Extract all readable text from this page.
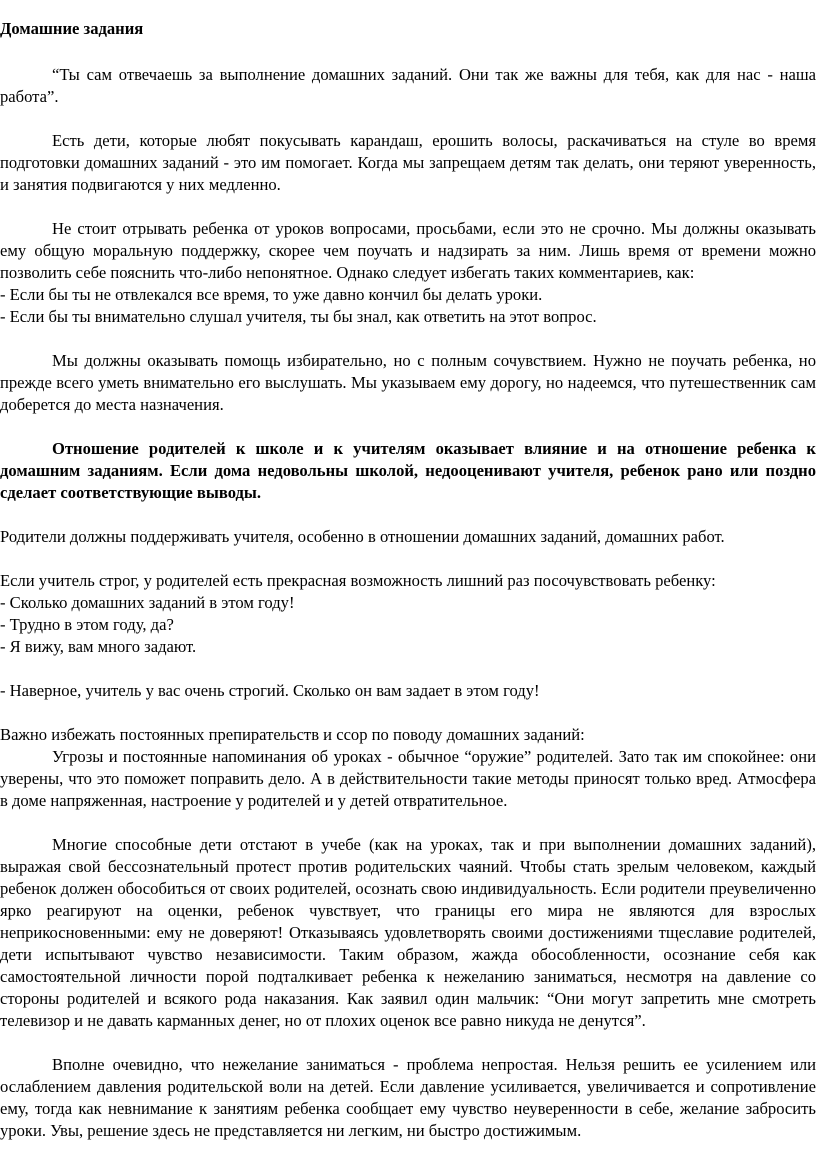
Домашние задания

“Ты сам отвечаешь за выполнение домашних заданий. Они так же важны для тебя, как для нас - наша работа”.

Есть дети, которые любят покусывать карандаш, ерошить волосы, раскачиваться на стуле во время подготовки домашних заданий - это им помогает. Когда мы запрещаем детям так делать, они теряют уверенность, и занятия подвигаются у них медленно.

Не стоит отрывать ребенка от уроков вопросами, просьбами, если это не срочно. Мы должны оказывать ему общую моральную поддержку, скорее чем поучать и надзирать за ним. Лишь время от времени можно позволить себе пояснить что-либо непонятное. Однако следует избегать таких комментариев, как:

- Если бы ты не отвлекался все время, то уже давно кончил бы делать уроки.

- Если бы ты внимательно слушал учителя, ты бы знал, как ответить на этот вопрос.

Мы должны оказывать помощь избирательно, но с полным сочувствием. Нужно не поучать ребенка, но прежде всего уметь внимательно его выслушать. Мы указываем ему дорогу, но надеемся, что путешественник сам доберется до места назначения.

Отношение родителей к школе и к учителям оказывает влияние и на отношение ребенка к домашним заданиям. Если дома недовольны школой, недооценивают учителя, ребенок рано или поздно сделает соответствующие выводы.

Родители должны поддерживать учителя, особенно в отношении домашних заданий, домашних работ.

Если учитель строг, у родителей есть прекрасная возможность лишний раз посочувствовать ребенку:

- Сколько домашних заданий в этом году!

- Трудно в этом году, да?

- Я вижу, вам много задают.

- Наверное, учитель у вас очень строгий. Сколько он вам задает в этом году!

Важно избежать постоянных препирательств и ссор по поводу домашних заданий:

Угрозы и постоянные напоминания об уроках - обычное “оружие” родителей. Зато так им спокойнее: они уверены, что это поможет поправить дело. А в действительности такие методы приносят только вред. Атмосфера в доме напряженная, настроение у родителей и у детей отвратительное.

Многие способные дети отстают в учебе (как на уроках, так и при выполнении домашних заданий), выражая свой бессознательный протест против родительских чаяний. Чтобы стать зрелым человеком, каждый ребенок должен обособиться от своих родителей, осознать свою индивидуальность. Если родители преувеличенно ярко реагируют на оценки, ребенок чувствует, что границы его мира не являются для взрослых неприкосновенными: ему не доверяют! Отказываясь удовлетворять своими достижениями тщеславие родителей, дети испытывают чувство независимости. Таким образом, жажда обособленности, осознание себя как самостоятельной личности порой подталкивает ребенка к нежеланию заниматься, несмотря на давление со стороны родителей и всякого рода наказания. Как заявил один мальчик: “Они могут запретить мне смотреть телевизор и не давать карманных денег, но от плохих оценок все равно никуда не денутся”.

Вполне очевидно, что нежелание заниматься - проблема непростая. Нельзя решить ее усилением или ослаблением давления родительской воли на детей. Если давление усиливается, увеличивается и сопротивление ему, тогда как невнимание к занятиям ребенка сообщает ему чувство неуверенности в себе, желание забросить уроки. Увы, решение здесь не представляется ни легким, ни быстро достижимым.
